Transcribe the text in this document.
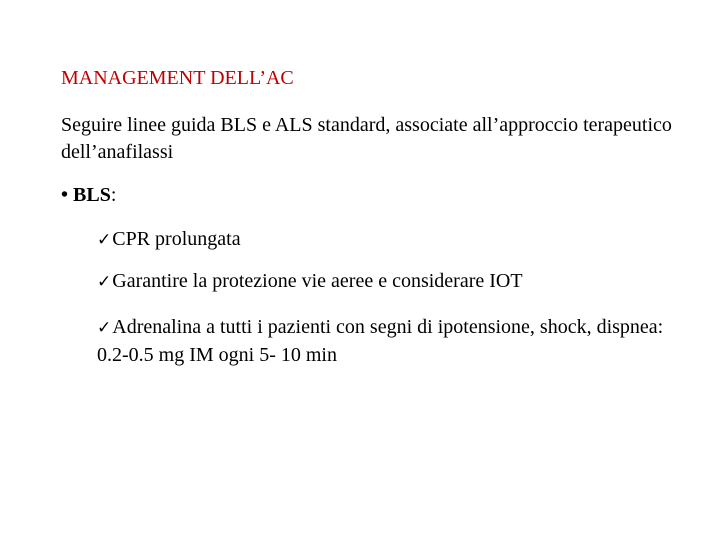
MANAGEMENT DELL’AC
Seguire linee guida BLS e ALS standard, associate all’approccio terapeutico dell’anafilassi
• BLS:
✓CPR prolungata
✓Garantire la protezione vie aeree e considerare IOT
✓Adrenalina a tutti i pazienti con segni di ipotensione, shock, dispnea: 0.2-0.5 mg IM ogni 5- 10 min
